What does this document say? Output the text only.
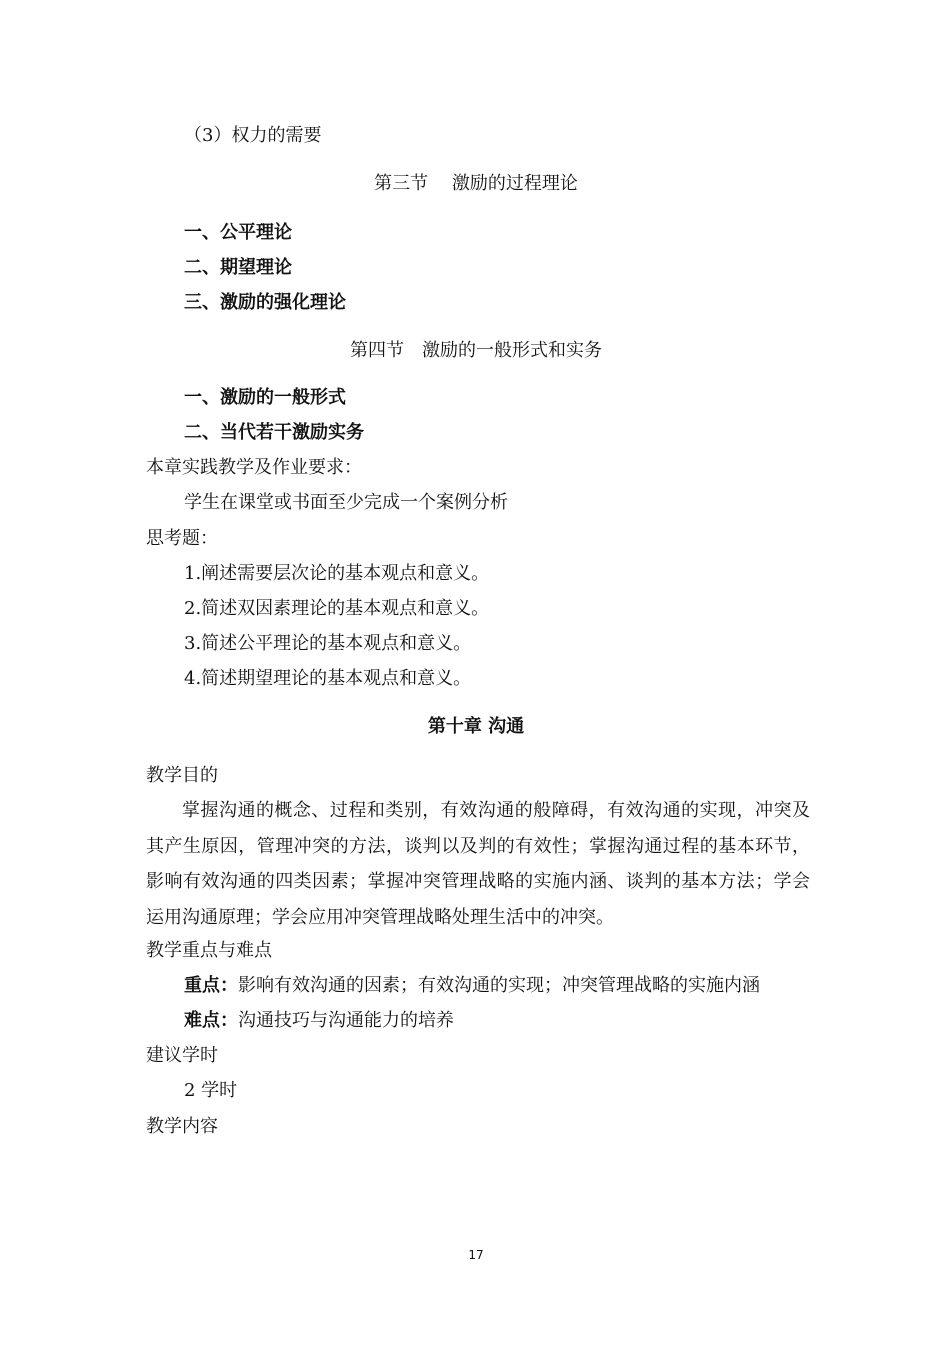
（3）权力的需要
第三节　 激励的过程理论
一、公平理论
二、期望理论
三、激励的强化理论
第四节　激励的一般形式和实务
一、激励的一般形式
二、当代若干激励实务
本章实践教学及作业要求：
学生在课堂或书面至少完成一个案例分析
思考题：
1.阐述需要层次论的基本观点和意义。
2.简述双因素理论的基本观点和意义。
3.简述公平理论的基本观点和意义。
4.简述期望理论的基本观点和意义。
第十章 沟通
教学目的
掌握沟通的概念、过程和类别，有效沟通的般障碍，有效沟通的实现，冲突及其产生原因，管理冲突的方法，谈判以及判的有效性；掌握沟通过程的基本环节，影响有效沟通的四类因素；掌握冲突管理战略的实施内涵、谈判的基本方法；学会运用沟通原理；学会应用冲突管理战略处理生活中的冲突。
教学重点与难点
重点：影响有效沟通的因素；有效沟通的实现；冲突管理战略的实施内涵
难点：沟通技巧与沟通能力的培养
建议学时
2 学时
教学内容
17
